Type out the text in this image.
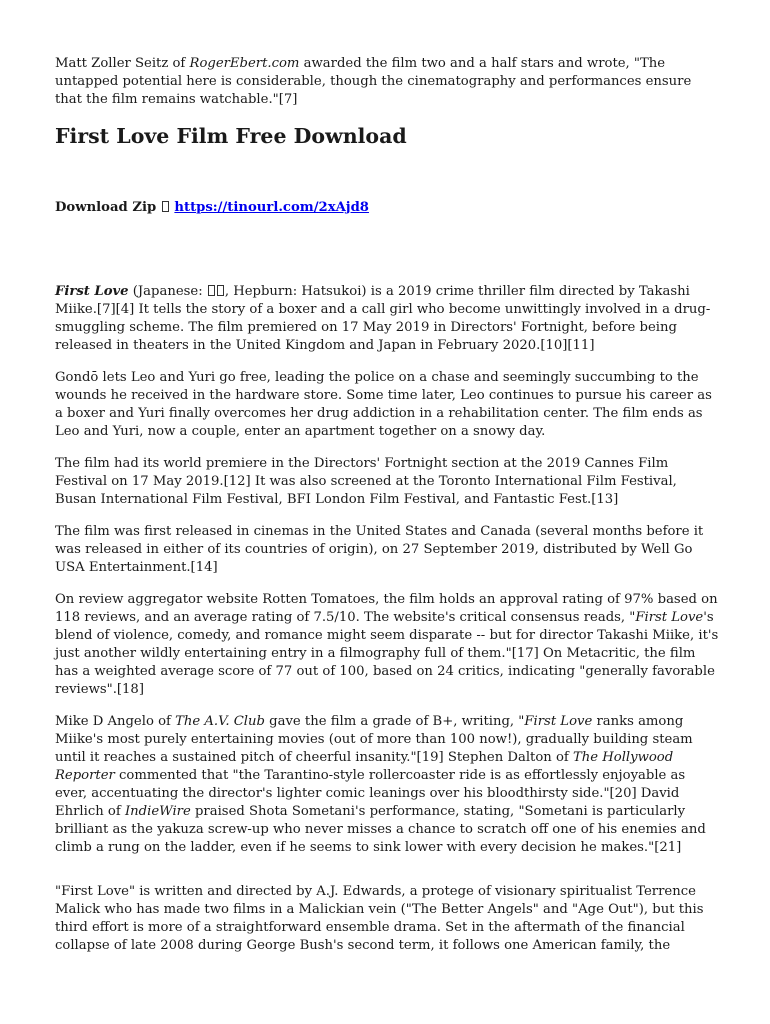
Matt Zoller Seitz of RogerEbert.com awarded the film two and a half stars and wrote, "The untapped potential here is considerable, though the cinematography and performances ensure that the film remains watchable."[7]

First Love Film Free Download
Download Zip https://tinourl.com/2xAjd8

First Love (Japanese: , Hepburn: Hatsukoi) is a 2019 crime thriller film directed by Takashi Miike.[7][4] It tells the story of a boxer and a call girl who become unwittingly involved in a drug-smuggling scheme. The film premiered on 17 May 2019 in Directors' Fortnight, before being released in theaters in the United Kingdom and Japan in February 2020.[10][11]

Gondō lets Leo and Yuri go free, leading the police on a chase and seemingly succumbing to the wounds he received in the hardware store. Some time later, Leo continues to pursue his career as a boxer and Yuri finally overcomes her drug addiction in a rehabilitation center. The film ends as Leo and Yuri, now a couple, enter an apartment together on a snowy day.

The film had its world premiere in the Directors' Fortnight section at the 2019 Cannes Film Festival on 17 May 2019.[12] It was also screened at the Toronto International Film Festival, Busan International Film Festival, BFI London Film Festival, and Fantastic Fest.[13]

The film was first released in cinemas in the United States and Canada (several months before it was released in either of its countries of origin), on 27 September 2019, distributed by Well Go USA Entertainment.[14]

On review aggregator website Rotten Tomatoes, the film holds an approval rating of 97% based on 118 reviews, and an average rating of 7.5/10. The website's critical consensus reads, "First Love's blend of violence, comedy, and romance might seem disparate -- but for director Takashi Miike, it's just another wildly entertaining entry in a filmography full of them."[17] On Metacritic, the film has a weighted average score of 77 out of 100, based on 24 critics, indicating "generally favorable reviews".[18]

Mike D Angelo of The A.V. Club gave the film a grade of B+, writing, "First Love ranks among Miike's most purely entertaining movies (out of more than 100 now!), gradually building steam until it reaches a sustained pitch of cheerful insanity."[19] Stephen Dalton of The Hollywood Reporter commented that "the Tarantino-style rollercoaster ride is as effortlessly enjoyable as ever, accentuating the director's lighter comic leanings over his bloodthirsty side."[20] David Ehrlich of IndieWire praised Shota Sometani's performance, stating, "Sometani is particularly brilliant as the yakuza screw-up who never misses a chance to scratch off one of his enemies and climb a rung on the ladder, even if he seems to sink lower with every decision he makes."[21]

"First Love" is written and directed by A.J. Edwards, a protege of visionary spiritualist Terrence Malick who has made two films in a Malickian vein ("The Better Angels" and "Age Out"), but this third effort is more of a straightforward ensemble drama. Set in the aftermath of the financial collapse of late 2008 during George Bush's second term, it follows one American family, the
